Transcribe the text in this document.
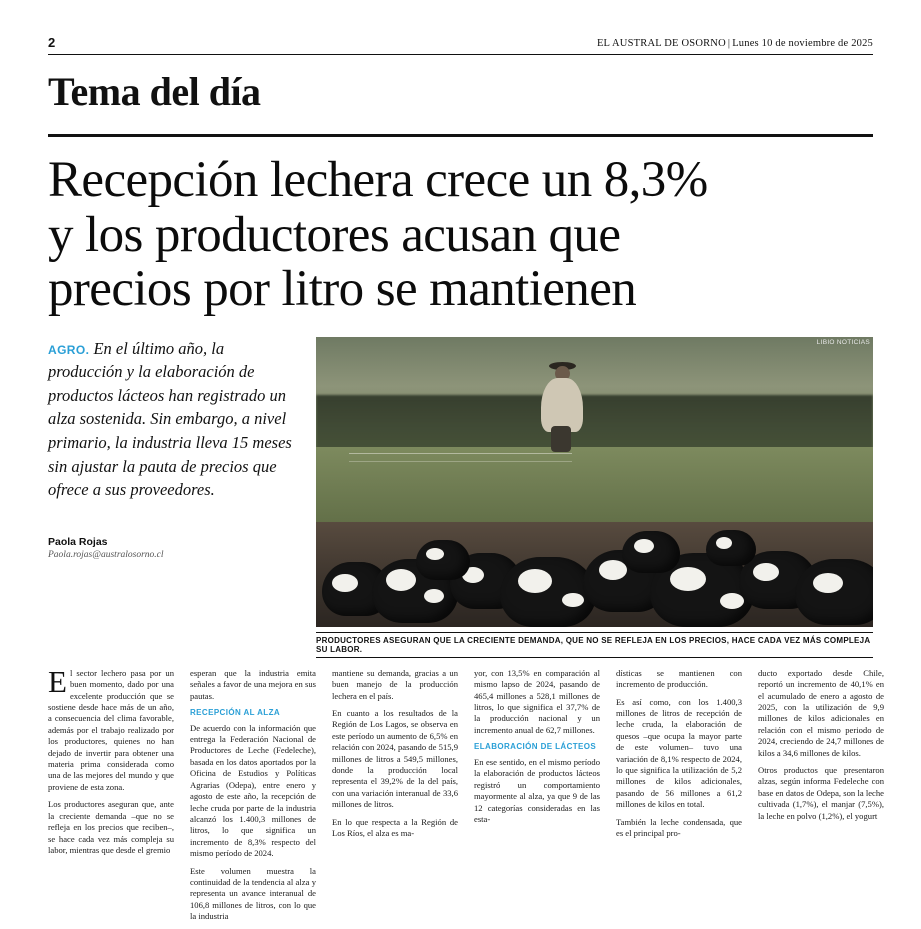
2	EL AUSTRAL DE OSORNO | Lunes 10 de noviembre de 2025
Tema del día
Recepción lechera crece un 8,3%
y los productores acusan que
precios por litro se mantienen
AGRO. En el último año, la producción y la elaboración de productos lácteos han registrado un alza sostenida. Sin embargo, a nivel primario, la industria lleva 15 meses sin ajustar la pauta de precios que ofrece a sus proveedores.
Paola Rojas
Paola.rojas@australosorno.cl
LIBIO NOTICIAS
PRODUCTORES ASEGURAN QUE LA CRECIENTE DEMANDA, QUE NO SE REFLEJA EN LOS PRECIOS, HACE CADA VEZ MÁS COMPLEJA SU LABOR.

El sector lechero pasa por un buen momento, dado por una excelente producción que se sostiene desde hace más de un año, a consecuencia del clima favorable, además por el trabajo realizado por los productores, quienes no han dejado de invertir para obtener una materia prima considerada como una de las mejores del mundo y que proviene de esta zona.

Los productores aseguran que, ante la creciente demanda –que no se refleja en los precios que reciben–, se hace cada vez más compleja su labor, mientras que desde el gremio

esperan que la industria emita señales a favor de una mejora en sus pautas.

RECEPCIÓN AL ALZA

De acuerdo con la información que entrega la Federación Nacional de Productores de Leche (Fedeleche), basada en los datos aportados por la Oficina de Estudios y Políticas Agrarias (Odepa), entre enero y agosto de este año, la recepción de leche cruda por parte de la industria alcanzó los 1.400,3 millones de litros, lo que significa un incremento de 8,3% respecto del mismo período de 2024.

Este volumen muestra la continuidad de la tendencia al alza y representa un avance interanual de 106,8 millones de litros, con lo que la industria

mantiene su demanda, gracias a un buen manejo de la producción lechera en el país.

En cuanto a los resultados de la Región de Los Lagos, se observa en este período un aumento de 6,5% en relación con 2024, pasando de 515,9 millones de litros a 549,5 millones, donde la producción local representa el 39,2% de la del país, con una variación interanual de 33,6 millones de litros.

En lo que respecta a la Región de Los Ríos, el alza es ma-

yor, con 13,5% en comparación al mismo lapso de 2024, pasando de 465,4 millones a 528,1 millones de litros, lo que significa el 37,7% de la producción nacional y un incremento anual de 62,7 millones.

ELABORACIÓN DE LÁCTEOS

En ese sentido, en el mismo período la elaboración de productos lácteos registró un comportamiento mayormente al alza, ya que 9 de las 12 categorías consideradas en las esta-

dísticas se mantienen con incremento de producción.

Es así como, con los 1.400,3 millones de litros de recepción de leche cruda, la elaboración de quesos –que ocupa la mayor parte de este volumen– tuvo una variación de 8,1% respecto de 2024, lo que significa la utilización de 5,2 millones de kilos adicionales, pasando de 56 millones a 61,2 millones de kilos en total.

También la leche condensada, que es el principal pro-

ducto exportado desde Chile, reportó un incremento de 40,1% en el acumulado de enero a agosto de 2025, con la utilización de 9,9 millones de kilos adicionales en relación con el mismo periodo de 2024, creciendo de 24,7 millones de kilos a 34,6 millones de kilos.

Otros productos que presentaron alzas, según informa Fedeleche con base en datos de Odepa, son la leche cultivada (1,7%), el manjar (7,5%), la leche en polvo (1,2%), el yogurt
